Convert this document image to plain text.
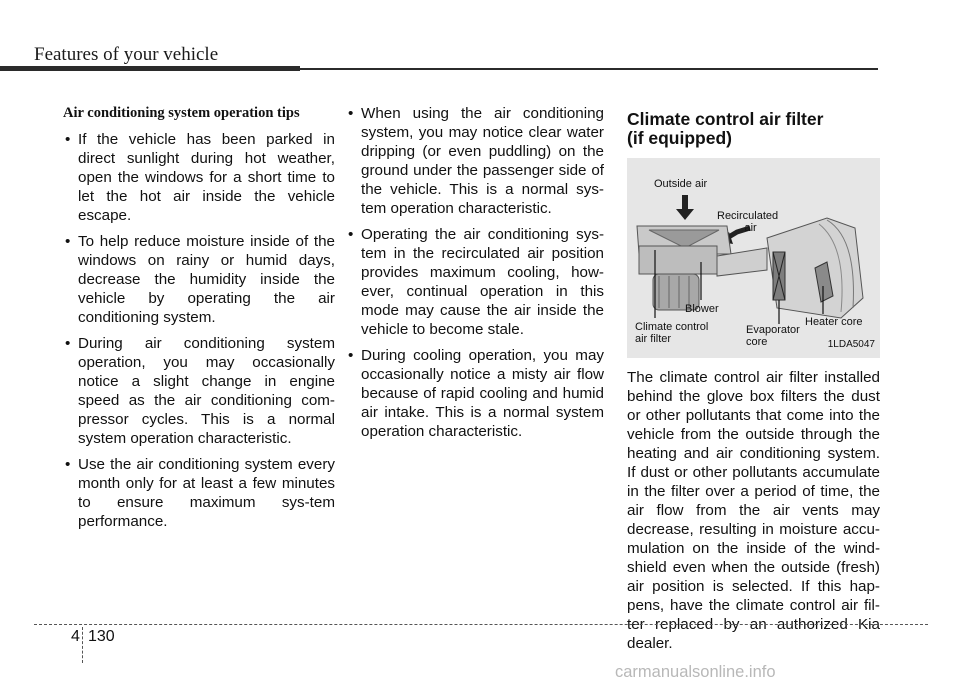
Features of your vehicle
Air conditioning system operation tips
• If the vehicle has been parked in direct sunlight during hot weather, open the windows for a short time to let the hot air inside the vehicle escape.
• To help reduce moisture inside of the windows on rainy or humid days, decrease the humidity inside the vehicle by operating the air conditioning system.
• During air conditioning system operation, you may occasionally notice a slight change in engine speed as the air conditioning com-pressor cycles. This is a normal system operation characteristic.
• Use the air conditioning system every month only for at least a few minutes to ensure maximum sys-tem performance.
• When using the air conditioning system, you may notice clear water dripping (or even puddling) on the ground under the passenger side of the vehicle. This is a normal sys-tem operation characteristic.
• Operating the air conditioning sys-tem in the recirculated air position provides maximum cooling, how-ever, continual operation in this mode may cause the air inside the vehicle to become stale.
• During cooling operation, you may occasionally notice a misty air flow because of rapid cooling and humid air intake. This is a normal system operation characteristic.
Climate control air filter
(if equipped)
Outside air
Recirculated
air
Blower
Climate control
air filter
Evaporator
core
Heater core
1LDA5047

The climate control air filter installed behind the glove box filters the dust or other pollutants that come into the vehicle from the outside through the heating and air conditioning system. If dust or other pollutants accumulate in the filter over a period of time, the air flow from the air vents may decrease, resulting in moisture accu-mulation on the inside of the wind-shield even when the outside (fresh) air position is selected. If this hap-pens, have the climate control air fil-ter replaced by an authorized Kia dealer.

4 130
carmanualsonline.info
